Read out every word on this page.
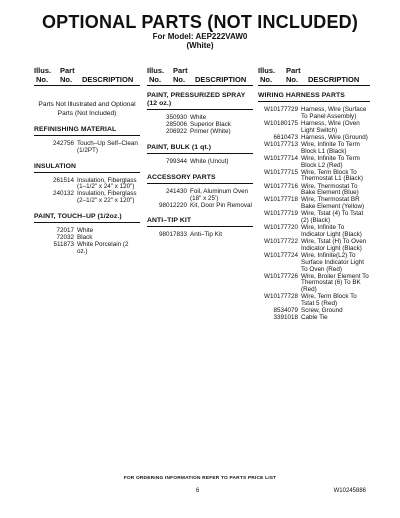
OPTIONAL PARTS (NOT INCLUDED)
For Model: AEP222VAW0
(White)
Illus.
No.
Part
No. DESCRIPTION
Parts Not Illustrated and Optional Parts (Not Included)
REFINISHING MATERIAL
242756 Touch–Up Self–Clean (1/2PT)
INSULATION
261514 Insulation, Fiberglass (1–1/2" x 24" x 120")
240132 Insulation, Fiberglass (2–1/2" x 22" x 120")
PAINT, TOUCH–UP (1/2oz.)
72017 White
72032 Black
511873 White Porcelain (2 oz.)
Illus.
No.
Part
No. DESCRIPTION
PAINT, PRESSURIZED SPRAY (12 oz.)
350930 White
285006 Superior Black
206922 Primer (White)
PAINT, BULK (1 qt.)
799344 White (Uncut)
ACCESSORY PARTS
241430 Foil, Aluminum Oven (18" x 25')
98012220 Kit, Door Pin Removal
ANTI–TIP KIT
98017833 Anti–Tip Kit
Illus.
No.
Part
No. DESCRIPTION
WIRING HARNESS PARTS
W10177729 Harness, Wire (Surface To Panel Assembly)
W10180175 Harness, Wire (Oven Light Switch)
6610473 Harness, Wire (Ground)
W10177713 Wire, Infinite To Term Block L1 (Black)
W10177714 Wire, Infinite To Term Block L2 (Red)
W10177715 Wire, Term Block To Thermostat L1 (Black)
W10177716 Wire, Thermostat To Bake Element (Blue)
W10177718 Wire, Thermostat BR Bake Element (Yellow)
W10177719 Wire, Tstat (4) To Tstat (2) (Black)
W10177720 Wire, Infinite To Indicator Light (Black)
W10177722 Wire, Tstat (H) To Oven Indicator Light (Black)
W10177724 Wire, Infinite(L2) To Surface Indicator Light To Oven (Red)
W10177726 Wire, Broiler Element To Thermostat (6) To BK (Red)
W10177728 Wire, Term Block To Tstat 5 (Red)
8534079 Screw, Ground
3391018 Cable Tie
FOR ORDERING INFORMATION REFER TO PARTS PRICE LIST
6	W10245886
